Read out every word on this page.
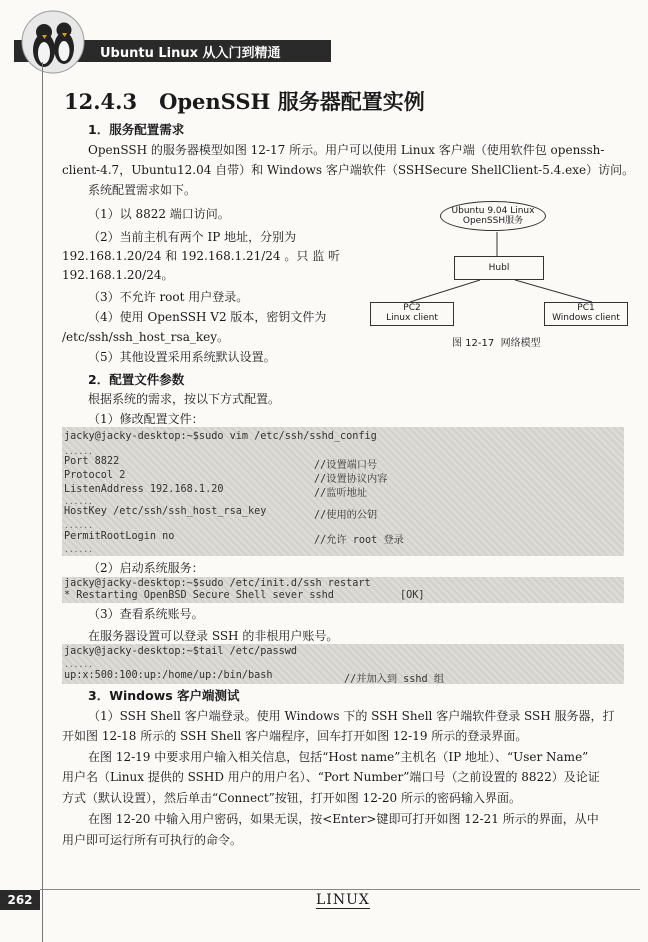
Ubuntu Linux 从入门到精通
12.4.3 OpenSSH 服务器配置实例
1．服务配置需求
OpenSSH 的服务器模型如图 12-17 所示。用户可以使用 Linux 客户端（使用软件包 openssh-
client-4.7，Ubuntu12.04 自带）和 Windows 客户端软件（SSHSecure ShellClient-5.4.exe）访问。
系统配置需求如下。
（1）以 8822 端口访问。
（2）当前主机有两个 IP 地址，分别为
192.168.1.20/24 和 192.168.1.21/24 。只 监 听
192.168.1.20/24。
（3）不允许 root 用户登录。
（4）使用 OpenSSH V2 版本，密钥文件为
/etc/ssh/ssh_host_rsa_key。
（5）其他设置采用系统默认设置。
Ubuntu 9.04 Linux
OpenSSH服务
Hubl
PC2
Linux client
PC1
Windows client
图 12-17 网络模型
2．配置文件参数
根据系统的需求，按以下方式配置。
（1）修改配置文件：
jacky@jacky-desktop:~$sudo vim /etc/ssh/sshd_config
......
Port 8822	//设置端口号
Protocol 2	//设置协议内容
ListenAddress 192.168.1.20	//监听地址
......
HostKey /etc/ssh/ssh_host_rsa_key	//使用的公钥
......
PermitRootLogin no	//允许 root 登录
......
（2）启动系统服务：
jacky@jacky-desktop:~$sudo /etc/init.d/ssh restart
* Restarting OpenBSD Secure Shell sever sshd	[OK]
（3）查看系统账号。
在服务器设置可以登录 SSH 的非根用户账号。
jacky@jacky-desktop:~$tail /etc/passwd
......
up:x:500:100:up:/home/up:/bin/bash	//并加入到 sshd 组
3．Windows 客户端测试
（1）SSH Shell 客户端登录。使用 Windows 下的 SSH Shell 客户端软件登录 SSH 服务器，打
开如图 12-18 所示的 SSH Shell 客户端程序，回车打开如图 12-19 所示的登录界面。
在图 12-19 中要求用户输入相关信息，包括“Host name”主机名（IP 地址）、“User Name”
用户名（Linux 提供的 SSHD 用户的用户名）、“Port Number”端口号（之前设置的 8822）及论证
方式（默认设置），然后单击“Connect”按钮，打开如图 12-20 所示的密码输入界面。
在图 12-20 中输入用户密码，如果无误，按<Enter>键即可打开如图 12-21 所示的界面，从中
用户即可运行所有可执行的命令。
262	LINUX
